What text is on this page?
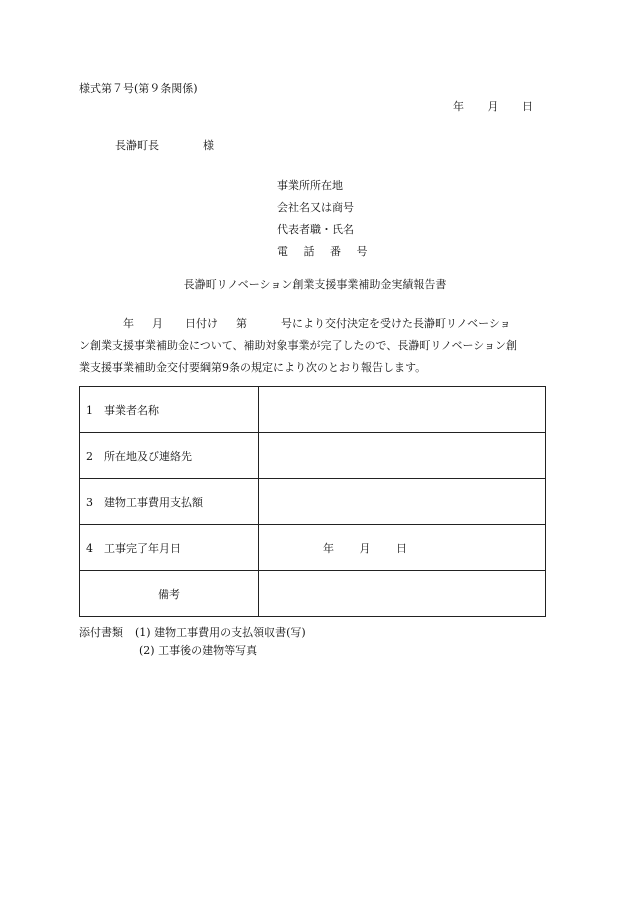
様式第７号(第９条関係)
年 月 日
長瀞町長	様
事業所所在地
会社名又は商号
代表者職・氏名
電 話 番 号
長瀞町リノベーション創業支援事業補助金実績報告書
年 月 日付け 第	号により交付決定を受けた長瀞町リノベーショ
ン創業支援事業補助金について、補助対象事業が完了したので、長瀞町リノベーション創
業支援事業補助金交付要綱第9条の規定により次のとおり報告します。
1 事業者名称	
2 所在地及び連絡先	
3 建物工事費用支払額	
4 工事完了年月日	年 月 日
備考	
添付書類 (1) 建物工事費用の支払領収書(写)
(2) 工事後の建物等写真
